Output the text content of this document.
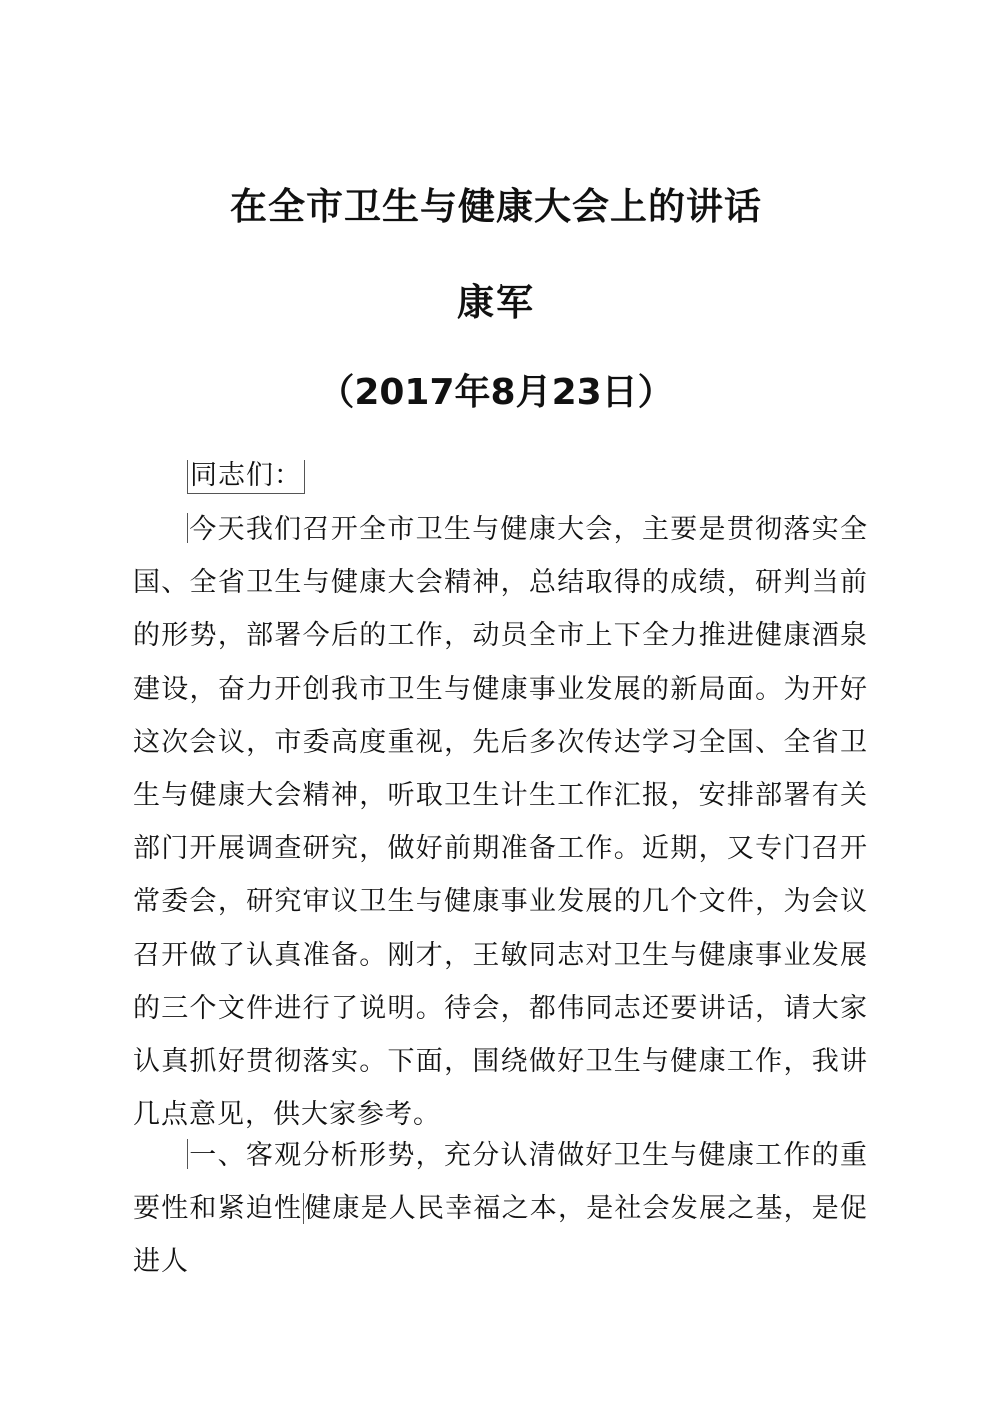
在全市卫生与健康大会上的讲话
康军
（2017年8月23日）
同志们：
今天我们召开全市卫生与健康大会，主要是贯彻落实全国、全省卫生与健康大会精神，总结取得的成绩，研判当前的形势，部署今后的工作，动员全市上下全力推进健康酒泉建设，奋力开创我市卫生与健康事业发展的新局面。为开好这次会议，市委高度重视，先后多次传达学习全国、全省卫生与健康大会精神，听取卫生计生工作汇报，安排部署有关部门开展调查研究，做好前期准备工作。近期，又专门召开常委会，研究审议卫生与健康事业发展的几个文件，为会议召开做了认真准备。刚才，王敏同志对卫生与健康事业发展的三个文件进行了说明。待会，都伟同志还要讲话，请大家认真抓好贯彻落实。下面，围绕做好卫生与健康工作，我讲几点意见，供大家参考。
一、客观分析形势，充分认清做好卫生与健康工作的重要性和紧迫性健康是人民幸福之本，是社会发展之基，是促进人
